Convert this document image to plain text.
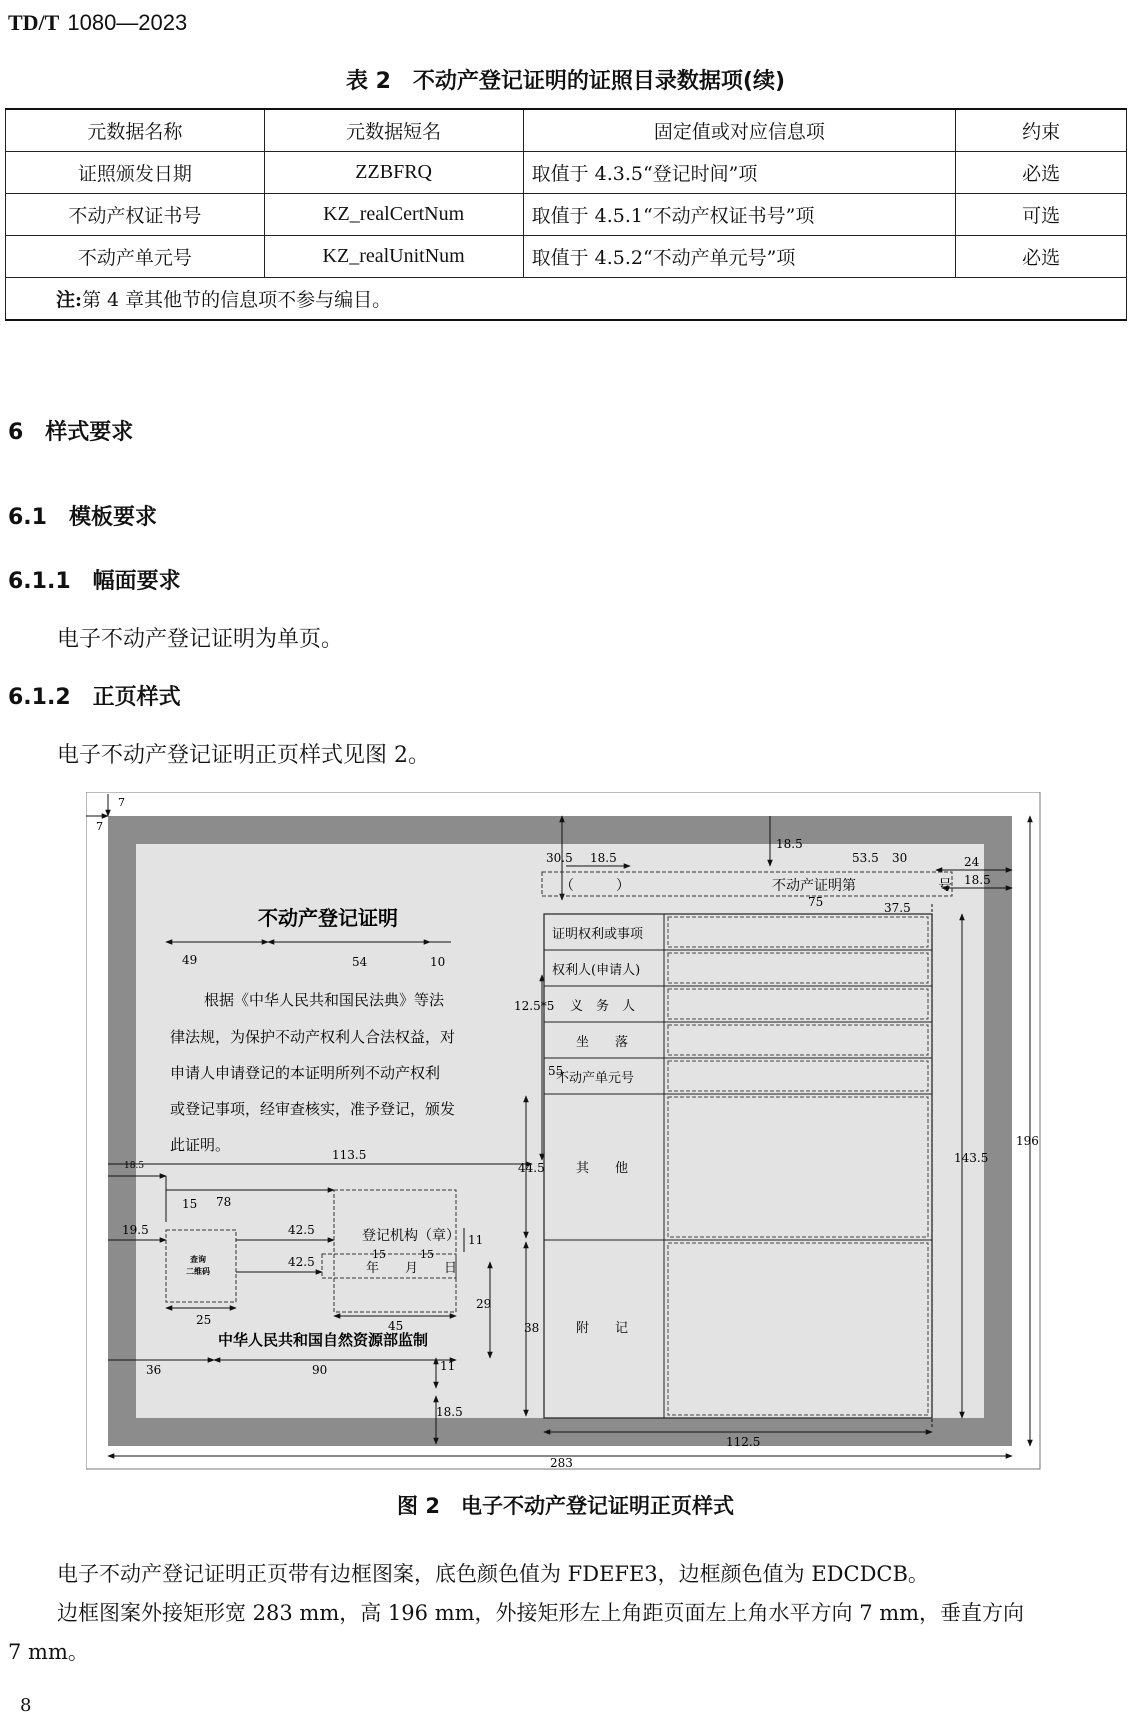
TD/T 1080—2023
表 2　不动产登记证明的证照目录数据项(续)
元数据名称	元数据短名	固定值或对应信息项	约束
证照颁发日期	ZZBFRQ	取值于 4.3.5“登记时间”项	必选
不动产权证书号	KZ_realCertNum	取值于 4.5.1“不动产权证书号”项	可选
不动产单元号	KZ_realUnitNum	取值于 4.5.2“不动产单元号”项	必选
注:第 4 章其他节的信息项不参与编目。			
6　样式要求
6.1　模板要求
6.1.1　幅面要求
电子不动产登记证明为单页。
6.1.2　正页样式
电子不动产登记证明正页样式见图 2。
7
7
不动产登记证明
49	54	10
根据《中华人民共和国民法典》等法
律法规，为保护不动产权利人合法权益，对
申请人申请登记的本证明所列不动产权利
或登记事项，经审查核实，准予登记，颁发
此证明。
55
113.5
18.5
15 78
查询
二维码
19.5	42.5
42.5
25
登记机构（章）
年　　月　　日
15	15
11
45
29
中华人民共和国自然资源部监制
36	90	11
18.5
30.5 18.5
18.5
53.5 30	24
18.5
（　　　）	不动产证明第	号
75	37.5
证明权利或事项
权利人(申请人)
义　务　人
坐　　落
不动产单元号
其　　他
附　　记
12.5*5
44.5
38
143.5
196
112.5
283
图 2　电子不动产登记证明正页样式
电子不动产登记证明正页带有边框图案，底色颜色值为 FDEFE3，边框颜色值为 EDCDCB。
边框图案外接矩形宽 283 mm，高 196 mm，外接矩形左上角距页面左上角水平方向 7 mm，垂直方向
7 mm。
8
